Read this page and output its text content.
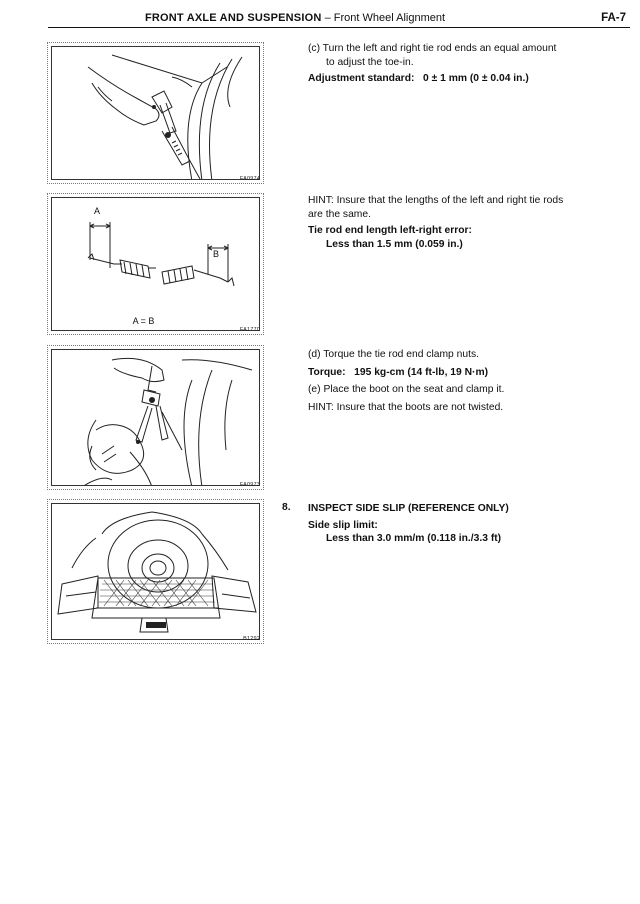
FRONT AXLE AND SUSPENSION – Front Wheel Alignment	FA-7
FA0974
A
B
A = B
FA1770
FA0973
B1292
(c) Turn the left and right tie rod ends an equal amount
to adjust the toe-in.
Adjustment standard: 0 ± 1 mm (0 ± 0.04 in.)
HINT: Insure that the lengths of the left and right tie rods
are the same.
Tie rod end length left-right error:
Less than 1.5 mm (0.059 in.)
(d) Torque the tie rod end clamp nuts.
Torque: 195 kg-cm (14 ft-lb, 19 N·m)
(e) Place the boot on the seat and clamp it.
HINT: Insure that the boots are not twisted.
8. INSPECT SIDE SLIP (REFERENCE ONLY)
Side slip limit:
Less than 3.0 mm/m (0.118 in./3.3 ft)
